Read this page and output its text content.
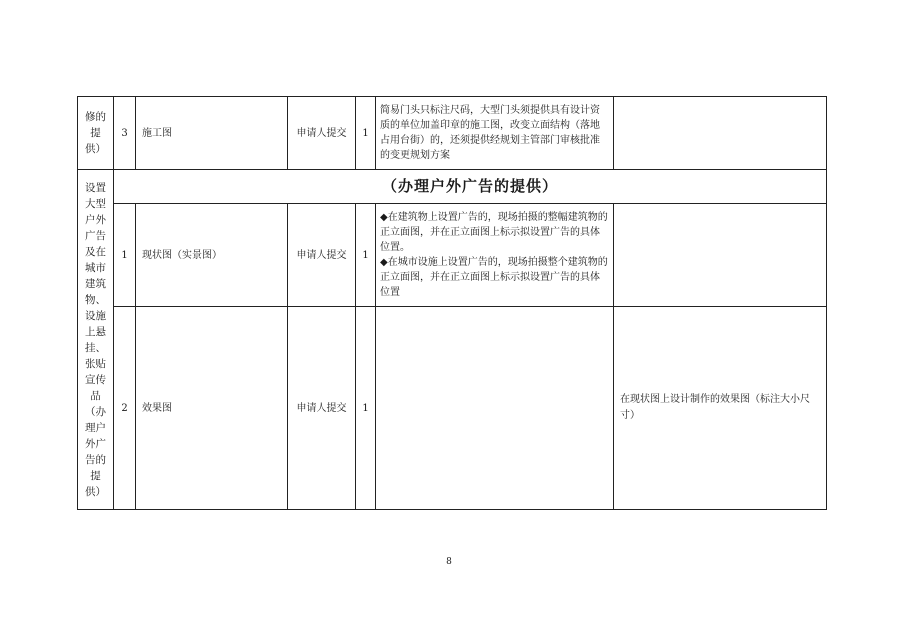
修的提供）	3	施工图	申请人提交	1	简易门头只标注尺码，大型门头须提供具有设计资质的单位加盖印章的施工图，改变立面结构（落地占用台街）的，还须提供经规划主管部门审核批准的变更规划方案	

设置大型户外广告及在城市建筑物、设施上悬挂、张贴宣传品（办理户外广告的提供）	（办理户外广告的提供）					
	1	现状图（实景图）	申请人提交	1	◆在建筑物上设置广告的，现场拍摄的整幅建筑物的正立面图，并在正立面图上标示拟设置广告的具体位置。
◆在城市设施上设置广告的，现场拍摄整个建筑物的正立面图，并在正立面图上标示拟设置广告的具体位置	

	2	效果图	申请人提交	1		在现状图上设计制作的效果图（标注大小尺寸）
8
